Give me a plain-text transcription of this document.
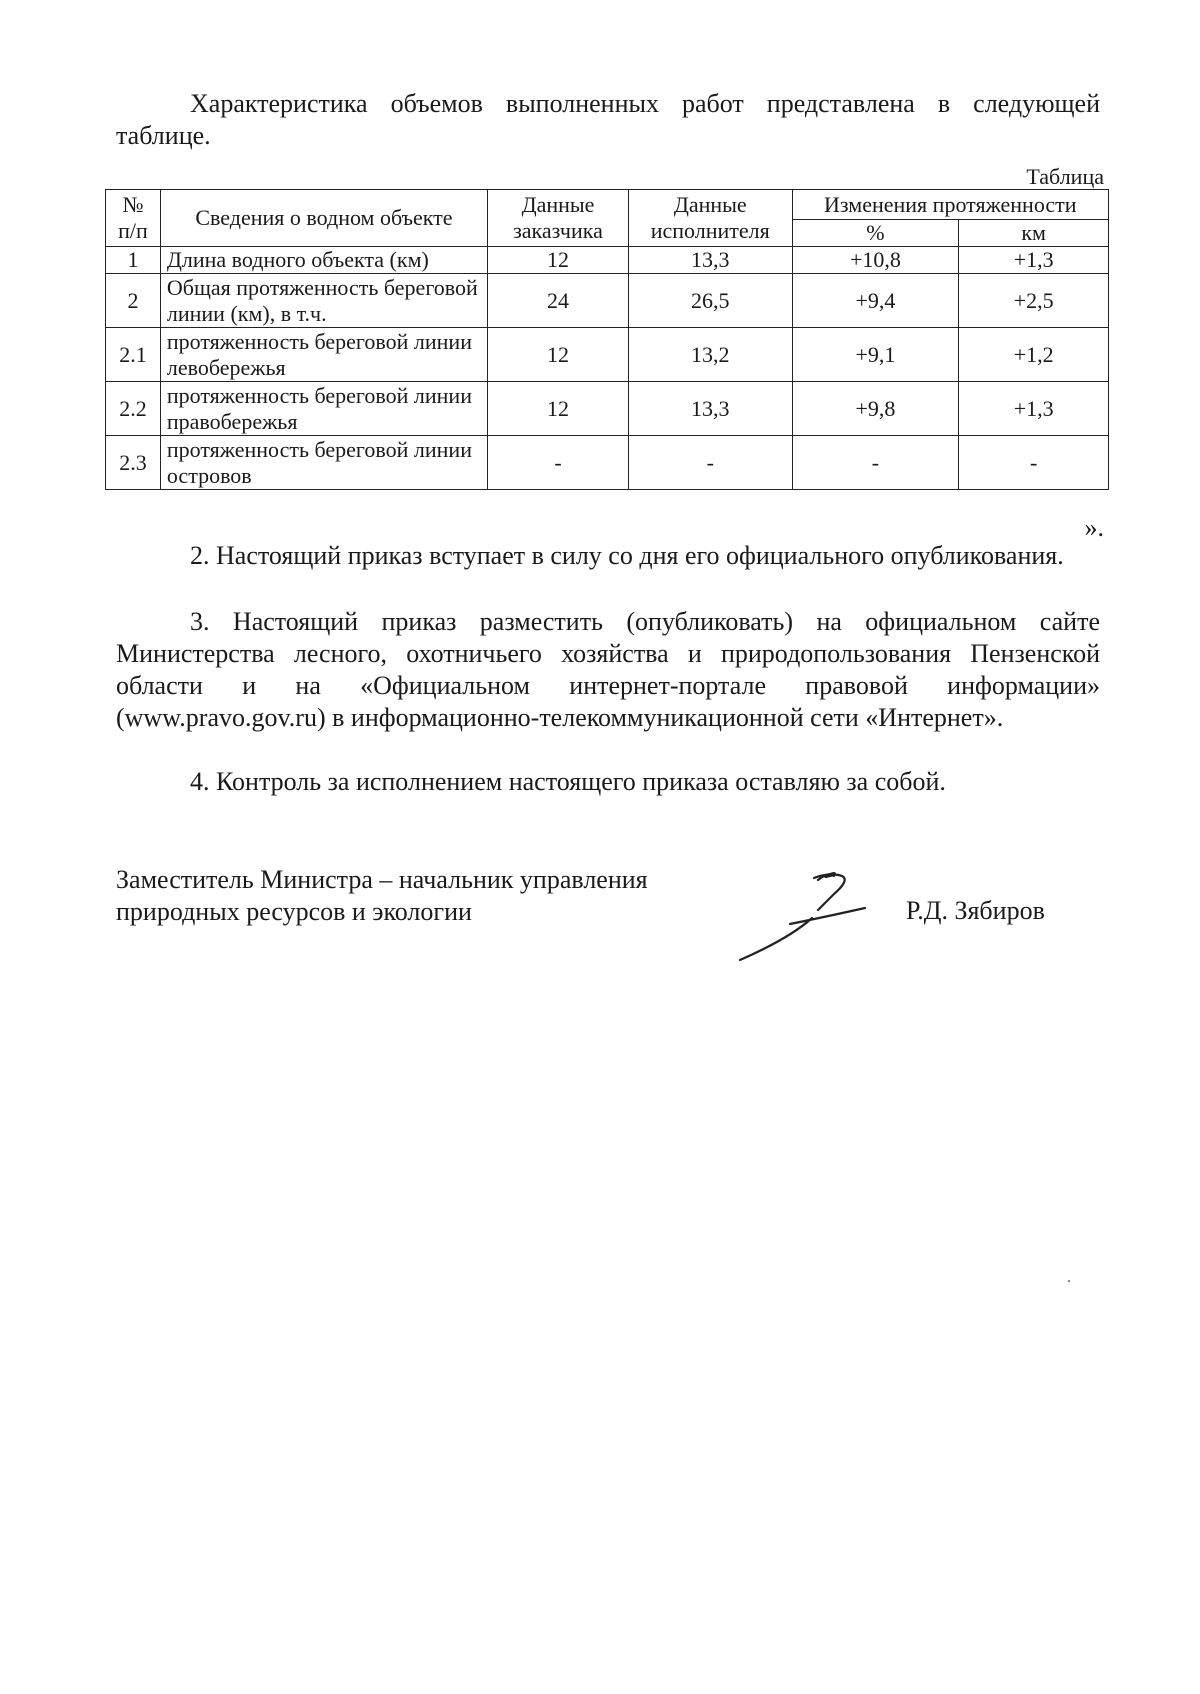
Характеристика объемов выполненных работ представлена в следующей таблице.

Таблица
№ п/п	Сведения о водном объекте	Данные заказчика	Данные исполнителя	Изменения протяженности	
				%	км
1	Длина водного объекта (км)	12	13,3	+10,8	+1,3
2	Общая протяженность береговой линии (км), в т.ч.	24	26,5	+9,4	+2,5
2.1	протяженность береговой линии левобережья	12	13,2	+9,1	+1,2
2.2	протяженность береговой линии правобережья	12	13,3	+9,8	+1,3
2.3	протяженность береговой линии островов	-	-	-	-
».

2. Настоящий приказ вступает в силу со дня его официального опубликования.

3. Настоящий приказ разместить (опубликовать) на официальном сайте Министерства лесного, охотничьего хозяйства и природопользования Пензенской области и на «Официальном интернет-портале правовой информации» (www.pravo.gov.ru) в информационно-телекоммуникационной сети «Интернет».

4. Контроль за исполнением настоящего приказа оставляю за собой.

Заместитель Министра – начальник управления
природных ресурсов и экологии	Р.Д. Зябиров
